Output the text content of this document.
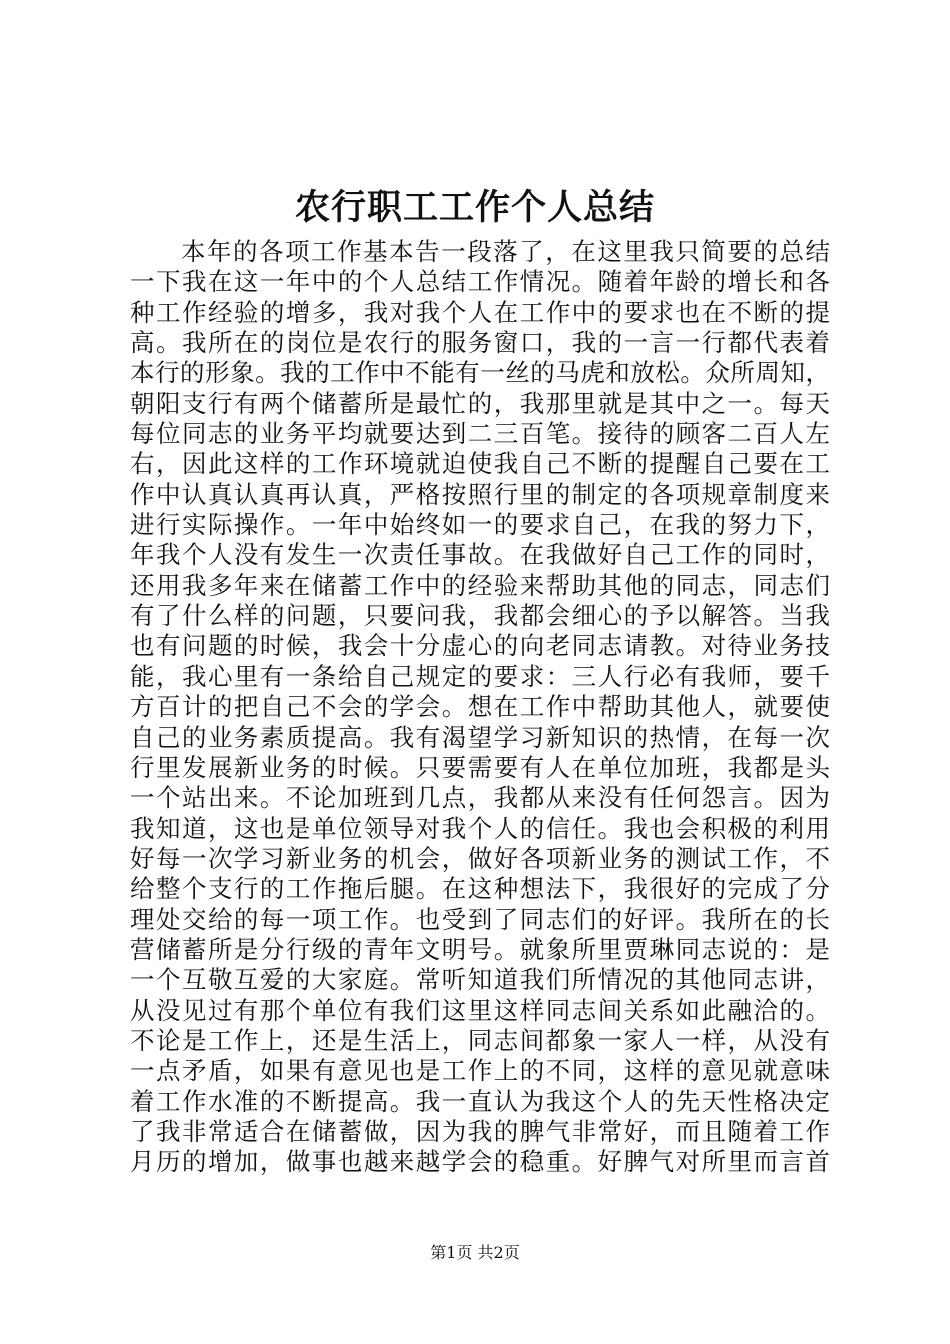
农行职工工作个人总结
本年的各项工作基本告一段落了，在这里我只简要的总结
一下我在这一年中的个人总结工作情况。随着年龄的增长和各
种工作经验的增多，我对我个人在工作中的要求也在不断的提
高。我所在的岗位是农行的服务窗口，我的一言一行都代表着
本行的形象。我的工作中不能有一丝的马虎和放松。众所周知，
朝阳支行有两个储蓄所是最忙的，我那里就是其中之一。每天
每位同志的业务平均就要达到二三百笔。接待的顾客二百人左
右，因此这样的工作环境就迫使我自己不断的提醒自己要在工
作中认真认真再认真，严格按照行里的制定的各项规章制度来
进行实际操作。一年中始终如一的要求自己，在我的努力下，
年我个人没有发生一次责任事故。在我做好自己工作的同时，
还用我多年来在储蓄工作中的经验来帮助其他的同志，同志们
有了什么样的问题，只要问我，我都会细心的予以解答。当我
也有问题的时候，我会十分虚心的向老同志请教。对待业务技
能，我心里有一条给自己规定的要求：三人行必有我师，要千
方百计的把自己不会的学会。想在工作中帮助其他人，就要使
自己的业务素质提高。我有渴望学习新知识的热情，在每一次
行里发展新业务的时候。只要需要有人在单位加班，我都是头
一个站出来。不论加班到几点，我都从来没有任何怨言。因为
我知道，这也是单位领导对我个人的信任。我也会积极的利用
好每一次学习新业务的机会，做好各项新业务的测试工作，不
给整个支行的工作拖后腿。在这种想法下，我很好的完成了分
理处交给的每一项工作。也受到了同志们的好评。我所在的长
营储蓄所是分行级的青年文明号。就象所里贾琳同志说的：是
一个互敬互爱的大家庭。常听知道我们所情况的其他同志讲，
从没见过有那个单位有我们这里这样同志间关系如此融洽的。
不论是工作上，还是生活上，同志间都象一家人一样，从没有
一点矛盾，如果有意见也是工作上的不同，这样的意见就意味
着工作水准的不断提高。我一直认为我这个人的先天性格决定
了我非常适合在储蓄做，因为我的脾气非常好，而且随着工作
月历的增加，做事也越来越学会的稳重。好脾气对所里而言首
第1页 共2页
